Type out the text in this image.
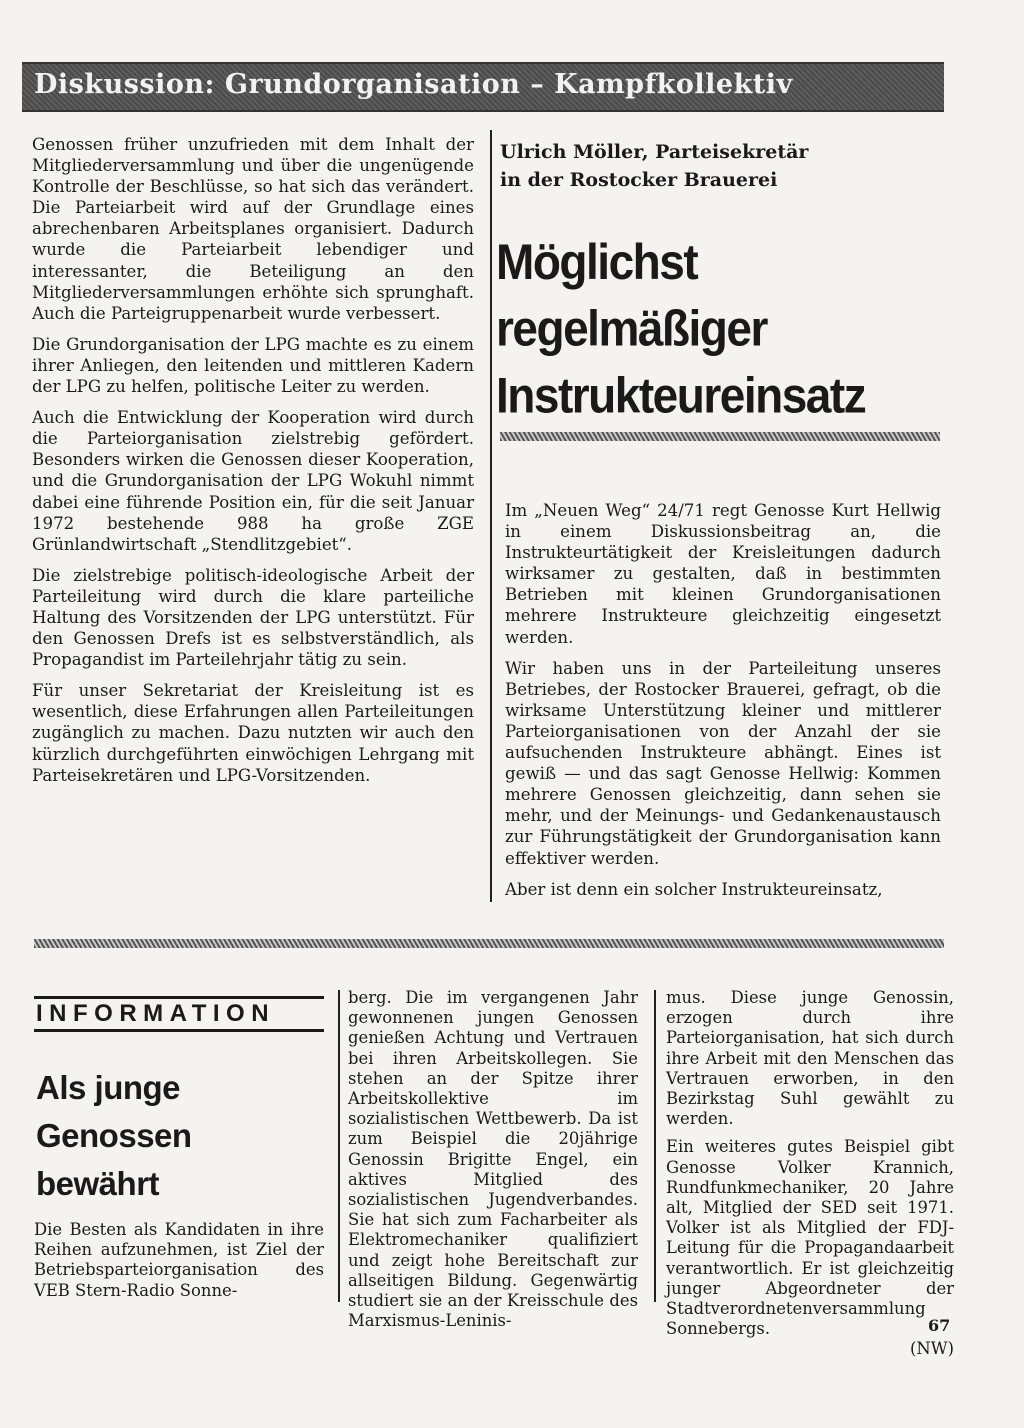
Diskussion: Grundorganisation – Kampfkollektiv

Genossen früher unzufrieden mit dem Inhalt der Mitgliederversammlung und über die ungenügende Kontrolle der Beschlüsse, so hat sich das verändert. Die Parteiarbeit wird auf der Grundlage eines abrechenbaren Arbeitsplanes organisiert. Dadurch wurde die Parteiarbeit lebendiger und interessanter, die Beteiligung an den Mitgliederversammlungen erhöhte sich sprunghaft. Auch die Parteigruppenarbeit wurde verbessert.

Die Grundorganisation der LPG machte es zu einem ihrer Anliegen, den leitenden und mittleren Kadern der LPG zu helfen, politische Leiter zu werden.

Auch die Entwicklung der Kooperation wird durch die Parteiorganisation zielstrebig gefördert. Besonders wirken die Genossen dieser Kooperation, und die Grundorganisation der LPG Wokuhl nimmt dabei eine führende Position ein, für die seit Januar 1972 bestehende 988 ha große ZGE Grünlandwirtschaft „Stendlitzgebiet“.

Die zielstrebige politisch-ideologische Arbeit der Parteileitung wird durch die klare parteiliche Haltung des Vorsitzenden der LPG unterstützt. Für den Genossen Drefs ist es selbstverständlich, als Propagandist im Parteilehrjahr tätig zu sein.

Für unser Sekretariat der Kreisleitung ist es wesentlich, diese Erfahrungen allen Parteileitungen zugänglich zu machen. Dazu nutzten wir auch den kürzlich durchgeführten einwöchigen Lehrgang mit Parteisekretären und LPG-Vorsitzenden.

Ulrich Möller, Parteisekretär
in der Rostocker Brauerei
Möglichst
regelmäßiger
Instrukteureinsatz

Im „Neuen Weg“ 24/71 regt Genosse Kurt Hellwig in einem Diskussionsbeitrag an, die Instrukteurtätigkeit der Kreisleitungen dadurch wirksamer zu gestalten, daß in bestimmten Betrieben mit kleinen Grundorganisationen mehrere Instrukteure gleichzeitig eingesetzt werden.

Wir haben uns in der Parteileitung unseres Betriebes, der Rostocker Brauerei, gefragt, ob die wirksame Unterstützung kleiner und mittlerer Parteiorganisationen von der Anzahl der sie aufsuchenden Instrukteure abhängt. Eines ist gewiß — und das sagt Genosse Hellwig: Kommen mehrere Genossen gleichzeitig, dann sehen sie mehr, und der Meinungs- und Gedankenaustausch zur Führungstätigkeit der Grundorganisation kann effektiver werden.

Aber ist denn ein solcher Instrukteureinsatz,

INFORMATION
Als junge
Genossen
bewährt

Die Besten als Kandidaten in ihre Reihen aufzunehmen, ist Ziel der Betriebsparteiorganisation des VEB Stern-Radio Sonne-

berg. Die im vergangenen Jahr gewonnenen jungen Genossen genießen Achtung und Vertrauen bei ihren Arbeitskollegen. Sie stehen an der Spitze ihrer Arbeitskollektive im sozialistischen Wettbewerb. Da ist zum Beispiel die 20jährige Genossin Brigitte Engel, ein aktives Mitglied des sozialistischen Jugendverbandes. Sie hat sich zum Facharbeiter als Elektromechaniker qualifiziert und zeigt hohe Bereitschaft zur allseitigen Bildung. Gegenwärtig studiert sie an der Kreisschule des Marxismus-Leninis-

mus. Diese junge Genossin, erzogen durch ihre Parteiorganisation, hat sich durch ihre Arbeit mit den Menschen das Vertrauen erworben, in den Bezirkstag Suhl gewählt zu werden.

Ein weiteres gutes Beispiel gibt Genosse Volker Krannich, Rundfunkmechaniker, 20 Jahre alt, Mitglied der SED seit 1971. Volker ist als Mitglied der FDJ-Leitung für die Propagandaarbeit verantwortlich. Er ist gleichzeitig junger Abgeordneter der Stadtverordnetenversammlung Sonnebergs.
(NW)

67
